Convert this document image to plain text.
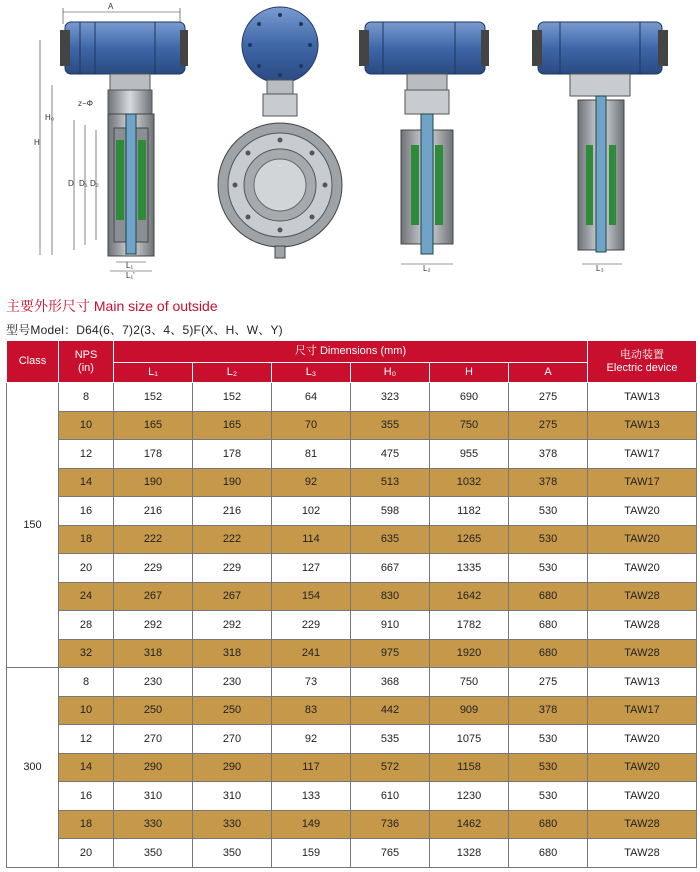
A
H
H₀
z−Φ
D D₁ D₂
L₁
L₁'
L₂	L₃
主要外形尺寸 Main size of outside
型号Model：D64(6、7)2(3、4、5)F(X、H、W、Y)
Class	NPS
(in)	尺寸 Dimensions (mm)						电动装置
Electric device
		L₁	L₂	L₃	H₀	H	A	
150	8	152	152	64	323	690	275	TAW13
	10	165	165	70	355	750	275	TAW13
	12	178	178	81	475	955	378	TAW17
	14	190	190	92	513	1032	378	TAW17
	16	216	216	102	598	1182	530	TAW20
	18	222	222	114	635	1265	530	TAW20
	20	229	229	127	667	1335	530	TAW20
	24	267	267	154	830	1642	680	TAW28
	28	292	292	229	910	1782	680	TAW28
	32	318	318	241	975	1920	680	TAW28
300	8	230	230	73	368	750	275	TAW13
	10	250	250	83	442	909	378	TAW17
	12	270	270	92	535	1075	530	TAW20
	14	290	290	117	572	1158	530	TAW20
	16	310	310	133	610	1230	530	TAW20
	18	330	330	149	736	1462	680	TAW28
	20	350	350	159	765	1328	680	TAW28
